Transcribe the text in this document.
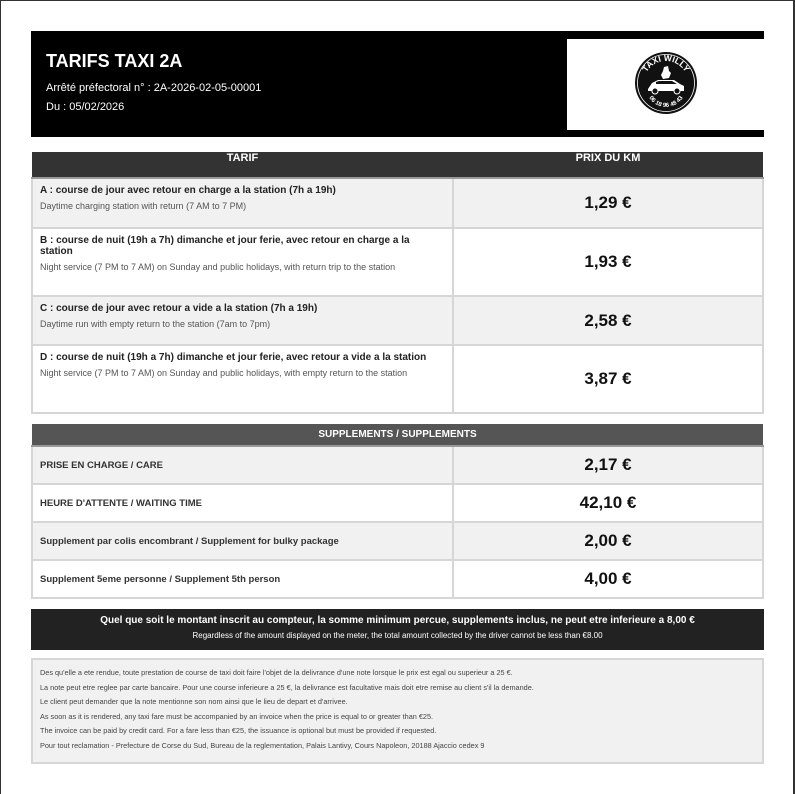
TARIFS TAXI 2A
Arrêté préfectoral n° : 2A-2026-02-05-00001
Du : 05/02/2026
TAXI WILLY
06 18 96 48 43
TARIF	PRIX DU KM

A : course de jour avec retour en charge a la station (7h a 19h)
Daytime charging station with return (7 AM to 7 PM)	1,29 €

B : course de nuit (19h a 7h) dimanche et jour ferie, avec retour en charge a la station
Night service (7 PM to 7 AM) on Sunday and public holidays, with return trip to the station	1,93 €

C : course de jour avec retour a vide a la station (7h a 19h)
Daytime run with empty return to the station (7am to 7pm)	2,58 €

D : course de nuit (19h a 7h) dimanche et jour ferie, avec retour a vide a la station
Night service (7 PM to 7 AM) on Sunday and public holidays, with empty return to the station	3,87 €
SUPPLEMENTS / SUPPLEMENTS	
PRISE EN CHARGE / CARE	2,17 €
HEURE D'ATTENTE / WAITING TIME	42,10 €
Supplement par colis encombrant / Supplement for bulky package	2,00 €
Supplement 5eme personne / Supplement 5th person	4,00 €
Quel que soit le montant inscrit au compteur, la somme minimum percue, supplements inclus, ne peut etre inferieure a 8,00 €
Regardless of the amount displayed on the meter, the total amount collected by the driver cannot be less than €8.00

Des qu'elle a ete rendue, toute prestation de course de taxi doit faire l'objet de la delivrance d'une note lorsque le prix est egal ou superieur a 25 €.

La note peut etre reglee par carte bancaire. Pour une course inferieure a 25 €, la delivrance est facultative mais doit etre remise au client s'il la demande.

Le client peut demander que la note mentionne son nom ainsi que le lieu de depart et d'arrivee.

As soon as it is rendered, any taxi fare must be accompanied by an invoice when the price is equal to or greater than €25.

The invoice can be paid by credit card. For a fare less than €25, the issuance is optional but must be provided if requested.

Pour tout reclamation - Prefecture de Corse du Sud, Bureau de la reglementation, Palais Lantivy, Cours Napoleon, 20188 Ajaccio cedex 9
